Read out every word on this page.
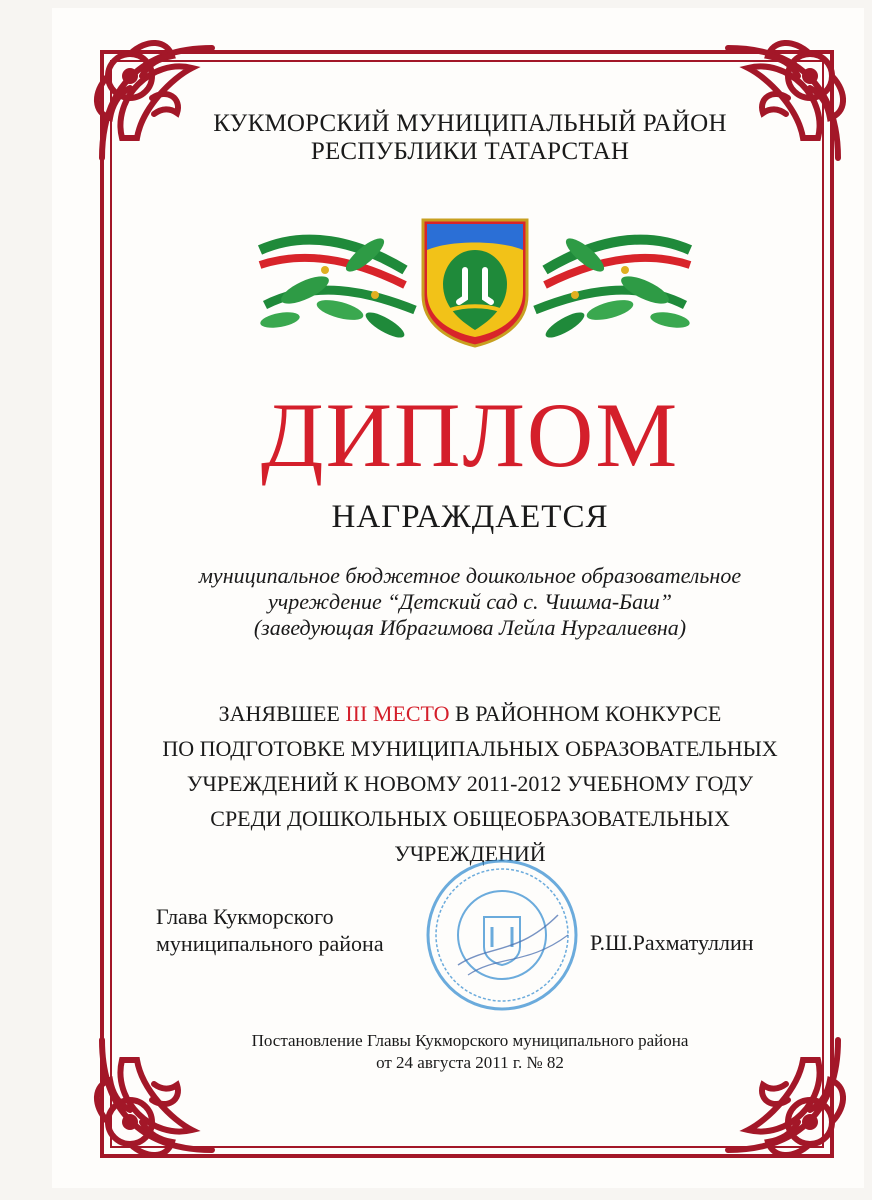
КУКМОРСКИЙ МУНИЦИПАЛЬНЫЙ РАЙОН
РЕСПУБЛИКИ ТАТАРСТАН
ДИПЛОМ
НАГРАЖДАЕТСЯ
муниципальное бюджетное дошкольное образовательное
учреждение “Детский сад с. Чишма-Баш”
(заведующая Ибрагимова Лейла Нургалиевна)
ЗАНЯВШЕЕ III МЕСТО В РАЙОННОМ КОНКУРСЕ
ПО ПОДГОТОВКЕ МУНИЦИПАЛЬНЫХ ОБРАЗОВАТЕЛЬНЫХ
УЧРЕЖДЕНИЙ К НОВОМУ 2011-2012 УЧЕБНОМУ ГОДУ
СРЕДИ ДОШКОЛЬНЫХ ОБЩЕОБРАЗОВАТЕЛЬНЫХ
УЧРЕЖДЕНИЙ
Глава Кукморского
муниципального района	Р.Ш.Рахматуллин
Постановление Главы Кукморского муниципального района
от 24 августа 2011 г. № 82
